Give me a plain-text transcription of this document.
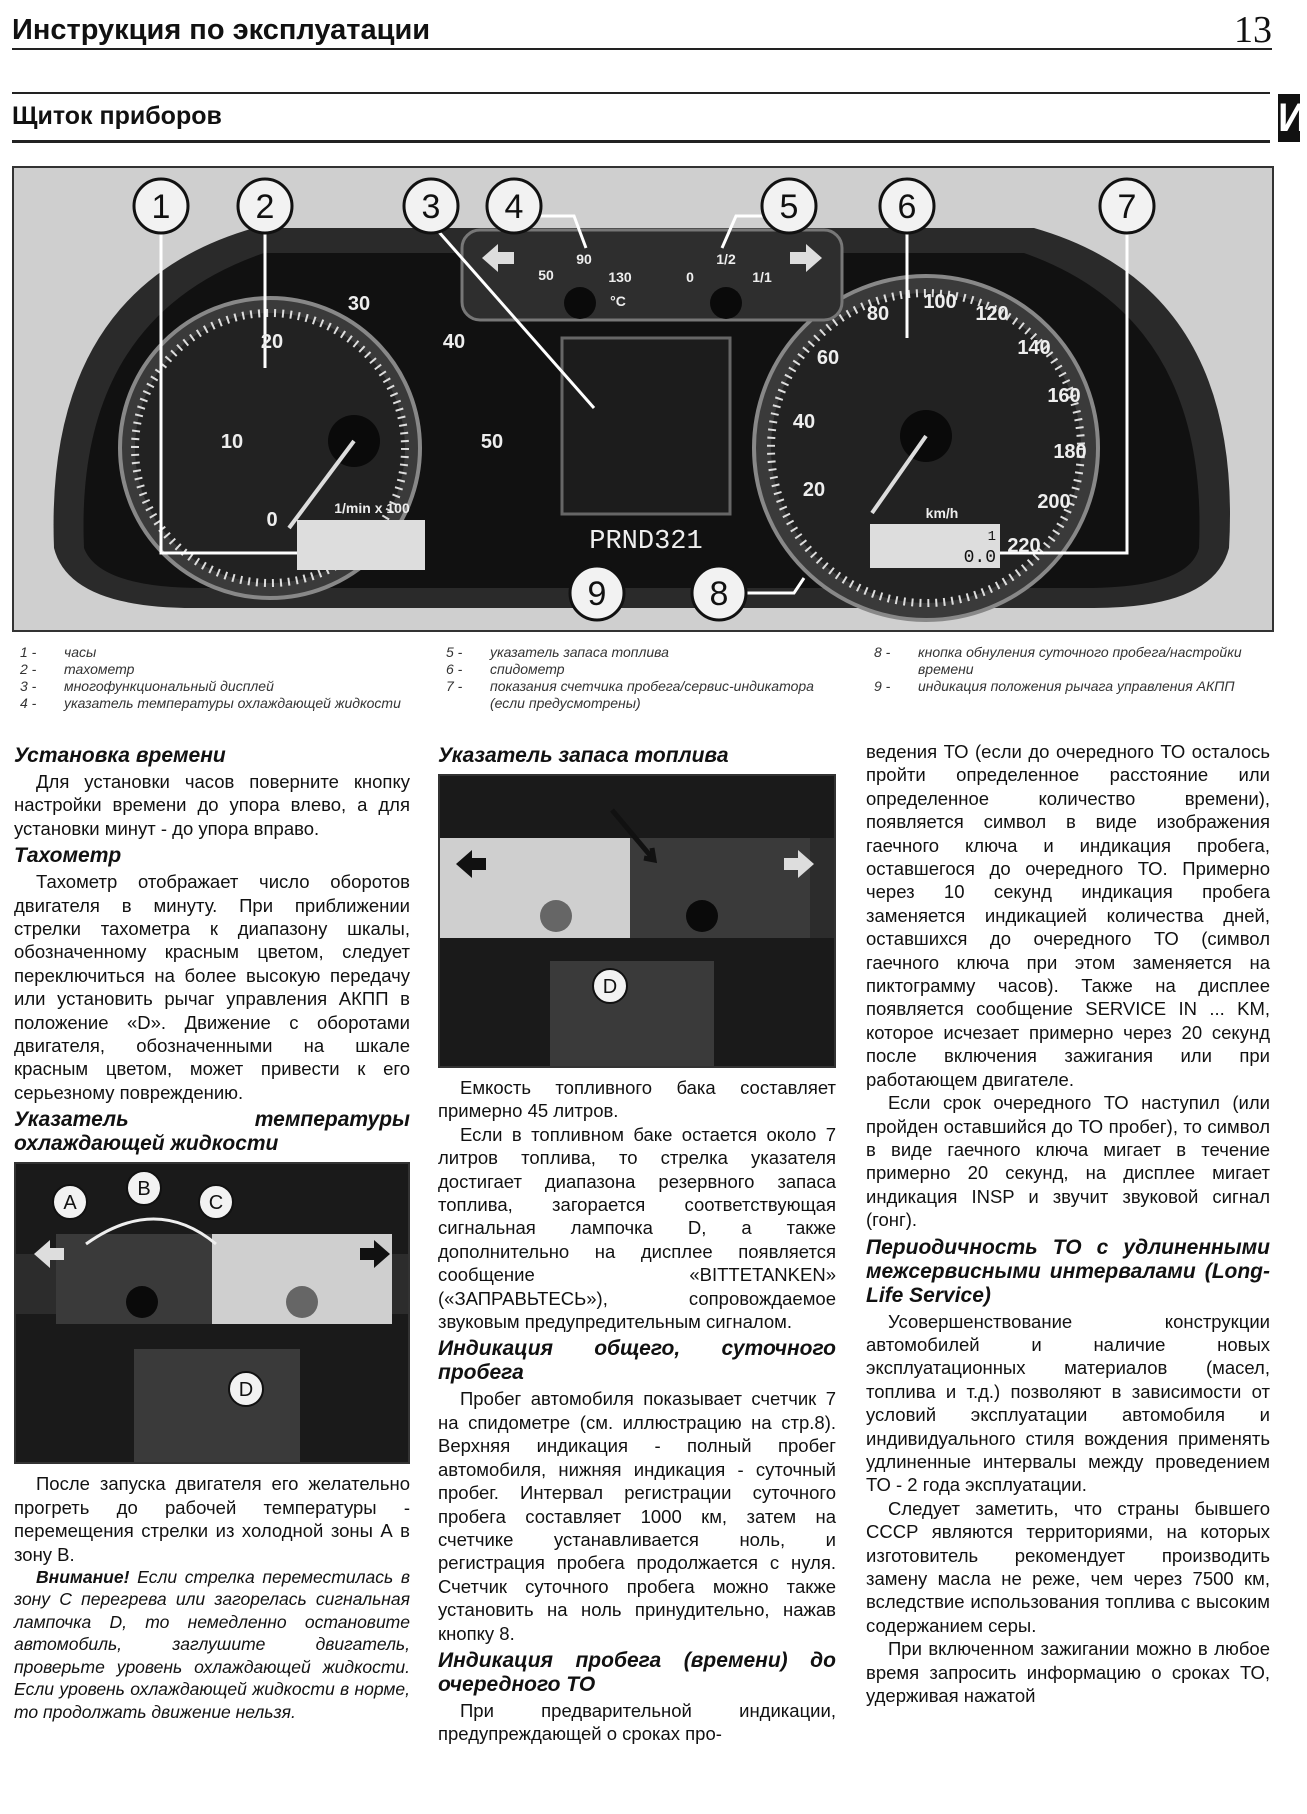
Инструкция по эксплуатации	13
Щиток приборов	И
1	2	3 4	5	6	7
8
9
0
10
20
30
40
50
20
40
60
80
100
120
140
160
180
200
220
1/min x 100	km/h
50
90
130
°C
0
1/2
1/1
1
0.0
PRND321
1 -	часы
2 -	тахометр
3 -	многофункциональный дисплей
4 -	указатель температуры охлаждающей жидкости
5 -	указатель запаса топлива
6 -	спидометр
7 -	показания счетчика пробега/сервис-индикатора (если предусмотрены)
8 -	кнопка обнуления суточного пробега/настройки времени
9 -	индикация положения рычага управления АКПП
Установка времени

Для установки часов поверните кнопку настройки времени до упора влево, а для установки минут - до упора вправо.

Тахометр

Тахометр отображает число оборотов двигателя в минуту. При приближении стрелки тахометра к диапазону шкалы, обозначенному красным цветом, следует переключиться на более высокую передачу или установить рычаг управления АКПП в положение «D». Движение с оборотами двигателя, обозначенными на шкале красным цветом, может привести к его серьезному повреждению.

Указатель температуры охлаждающей жидкости
A
B
C
D

После запуска двигателя его желательно прогреть до рабочей температуры - перемещения стрелки из холодной зоны А в зону В.

Внимание! Если стрелка переместилась в зону С перегрева или загорелась сигнальная лампочка D, то немедленно остановите автомобиль, заглушите двигатель, проверьте уровень охлаждающей жидкости. Если уровень охлаждающей жидкости в норме, то продолжать движение нельзя.

Указатель запаса топлива
D

Емкость топливного бака составляет примерно 45 литров.

Если в топливном баке остается около 7 литров топлива, то стрелка указателя достигает диапазона резервного запаса топлива, загорается соответствующая сигнальная лампочка D, а также дополнительно на дисплее появляется сообщение «BITTETANKEN» («ЗАПРАВЬТЕСЬ»), сопровождаемое звуковым предупредительным сигналом.

Индикация общего, суточного пробега

Пробег автомобиля показывает счетчик 7 на спидометре (см. иллюстрацию на стр.8). Верхняя индикация - полный пробег автомобиля, нижняя индикация - суточный пробег. Интервал регистрации суточного пробега составляет 1000 км, затем на счетчике устанавливается ноль, и регистрация пробега продолжается с нуля. Счетчик суточного пробега можно также установить на ноль принудительно, нажав кнопку 8.

Индикация пробега (времени) до очередного ТО

При предварительной индикации, предупреждающей о сроках про-

ведения ТО (если до очередного ТО осталось пройти определенное расстояние или определенное количество времени), появляется символ в виде изображения гаечного ключа и индикация пробега, оставшегося до очередного ТО. Примерно через 10 секунд индикация пробега заменяется индикацией количества дней, оставшихся до очередного ТО (символ гаечного ключа при этом заменяется на пиктограмму часов). Также на дисплее появляется сообщение SERVICE IN ... KM, которое исчезает примерно через 20 секунд после включения зажигания или при работающем двигателе.

Если срок очередного ТО наступил (или пройден оставшийся до ТО пробег), то символ в виде гаечного ключа мигает в течение примерно 20 секунд, на дисплее мигает индикация INSP и звучит звуковой сигнал (гонг).

Периодичность ТО с удлиненными межсервисными интервалами (Long-Life Service)

Усовершенствование конструкции автомобилей и наличие новых эксплуатационных материалов (масел, топлива и т.д.) позволяют в зависимости от условий эксплуатации автомобиля и индивидуального стиля вождения применять удлиненные интервалы между проведением ТО - 2 года эксплуатации.

Следует заметить, что страны бывшего СССР являются территориями, на которых изготовитель рекомендует производить замену масла не реже, чем через 7500 км, вследствие использования топлива с высоким содержанием серы.

При включенном зажигании можно в любое время запросить информацию о сроках ТО, удерживая нажатой
